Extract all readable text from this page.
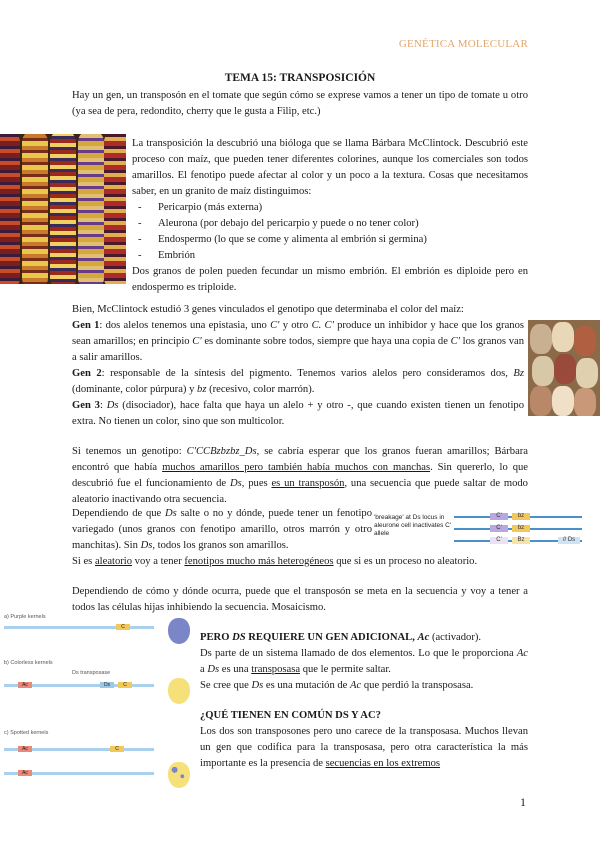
GENÉTICA MOLECULAR
TEMA 15: TRANSPOSICIÓN
Hay un gen, un transposón en el tomate que según cómo se exprese vamos a tener un tipo de tomate u otro (ya sea de pera, redondito, cherry que le gusta a Filip, etc.)
La transposición la descubrió una bióloga que se llama Bárbara McClintock. Descubrió este proceso con maíz, que pueden tener diferentes colorines, aunque los comerciales son todos amarillos. El fenotipo puede afectar al color y un poco a la textura. Cosas que necesitamos saber, en un granito de maíz distinguimos:
- Pericarpio (más externa)
- Aleurona (por debajo del pericarpio y puede o no tener color)
- Endospermo (lo que se come y alimenta al embrión si germina)
- Embrión
Dos granos de polen pueden fecundar un mismo embrión. El embrión es diploide pero en endospermo es triploide.
Bien, McClintock estudió 3 genes vinculados el genotipo que determinaba el color del maíz:
Gen 1: dos alelos tenemos una epistasia, uno C' y otro C. C' produce un inhibidor y hace que los granos sean amarillos; en principio C' es dominante sobre todos, siempre que haya una copia de C' los granos van a salir amarillos.
Gen 2: responsable de la síntesis del pigmento. Tenemos varios alelos pero consideramos dos, Bz (dominante, color púrpura) y bz (recesivo, color marrón).
Gen 3: Ds (disociador), hace falta que haya un alelo + y otro -, que cuando existen tienen un fenotipo extra. No tienen un color, sino que son multicolor.
Si tenemos un genotipo: C'CCBzbzbz_Ds, se cabría esperar que los granos fueran amarillos; Bárbara encontró que había muchos amarillos pero también había muchos con manchas. Sin quererlo, lo que descubrió fue el funcionamiento de Ds, pues es un transposón, una secuencia que puede saltar de modo aleatorio inactivando otra secuencia.
Dependiendo de que Ds salte o no y dónde, puede tener un fenotipo variegado (unos granos con fenotipo amarillo, otros marrón y otro manchitas). Sin Ds, todos los granos son amarillos.
'breakage' at Ds locus in aleurone cell inactivates C' allele
C'	bz
C'	bz
C'	Bz	// Ds
Si es aleatorio voy a tener fenotipos mucho más heterogéneos que si es un proceso no aleatorio.
Dependiendo de cómo y dónde ocurra, puede que el transposón se meta en la secuencia y voy a tener a todos las células hijas inhibiendo la secuencia. Mosaicismo.
a) Purple kernels
C
b) Colorless kernels
Ds transposase
Ac	Ds	C
c) Spotted kernels
Ac	C
Ac
PERO DS REQUIERE UN GEN ADICIONAL, Ac (activador).
Ds parte de un sistema llamado de dos elementos. Lo que le proporciona Ac a Ds es una transposasa que le permite saltar.
Se cree que Ds es una mutación de Ac que perdió la transposasa.
¿QUÉ TIENEN EN COMÚN DS Y AC?
Los dos son transposones pero uno carece de la transposasa. Muchos llevan un gen que codifica para la transposasa, pero otra característica la más importante es la presencia de secuencias en los extremos
1
